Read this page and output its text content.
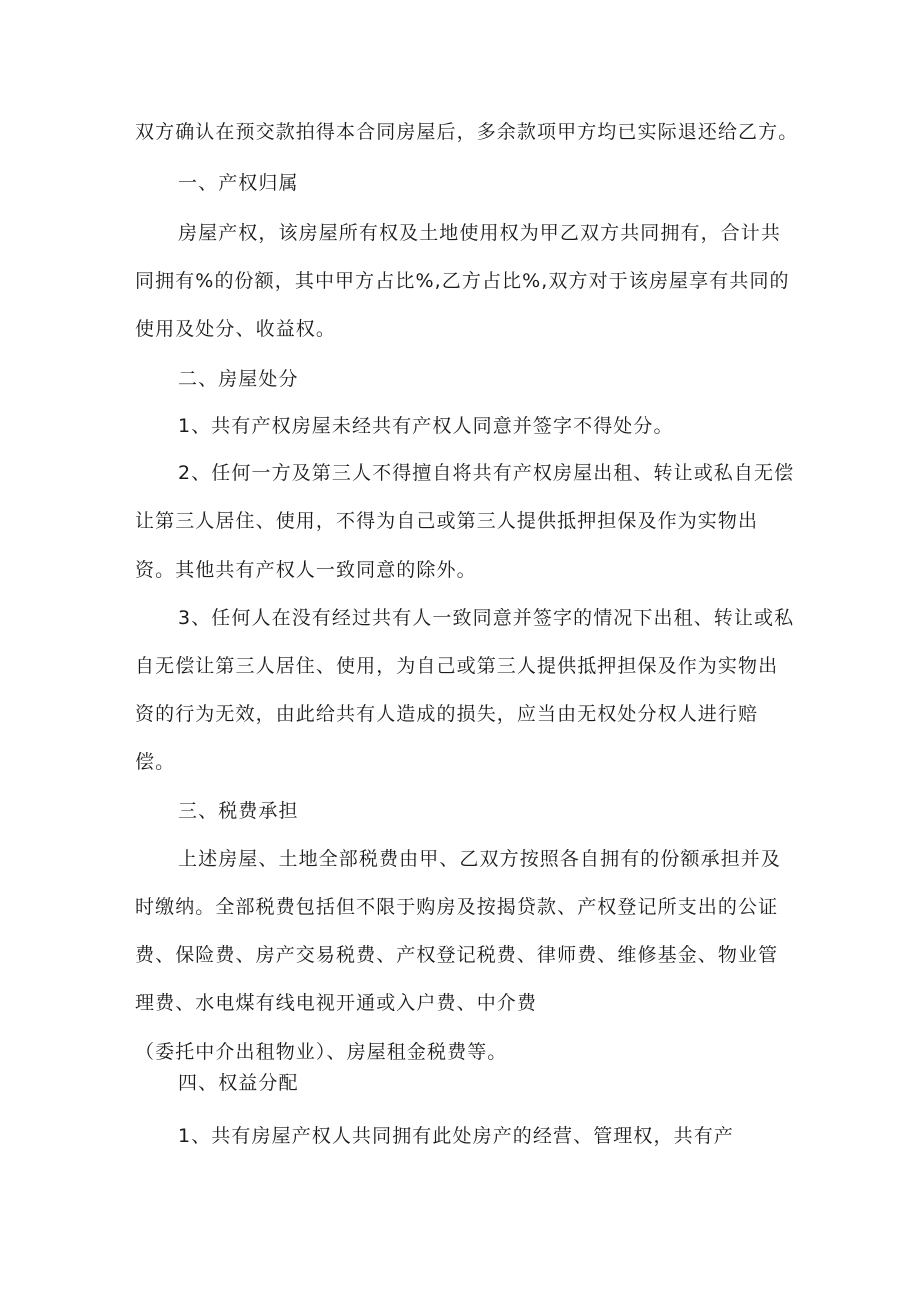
双方确认在预交款拍得本合同房屋后，多余款项甲方均已实际退还给乙方。
一、产权归属
房屋产权，该房屋所有权及土地使用权为甲乙双方共同拥有，合计共
同拥有%的份额，其中甲方占比%,乙方占比%,双方对于该房屋享有共同的
使用及处分、收益权。
二、房屋处分
1、共有产权房屋未经共有产权人同意并签字不得处分。
2、任何一方及第三人不得擅自将共有产权房屋出租、转让或私自无偿
让第三人居住、使用，不得为自己或第三人提供抵押担保及作为实物出
资。其他共有产权人一致同意的除外。
3、任何人在没有经过共有人一致同意并签字的情况下出租、转让或私
自无偿让第三人居住、使用，为自己或第三人提供抵押担保及作为实物出
资的行为无效，由此给共有人造成的损失，应当由无权处分权人进行赔
偿。
三、税费承担
上述房屋、土地全部税费由甲、乙双方按照各自拥有的份额承担并及
时缴纳。全部税费包括但不限于购房及按揭贷款、产权登记所支出的公证
费、保险费、房产交易税费、产权登记税费、律师费、维修基金、物业管
理费、水电煤有线电视开通或入户费、中介费
（委托中介出租物业）、房屋租金税费等。
四、权益分配
1、共有房屋产权人共同拥有此处房产的经营、管理权，共有产
